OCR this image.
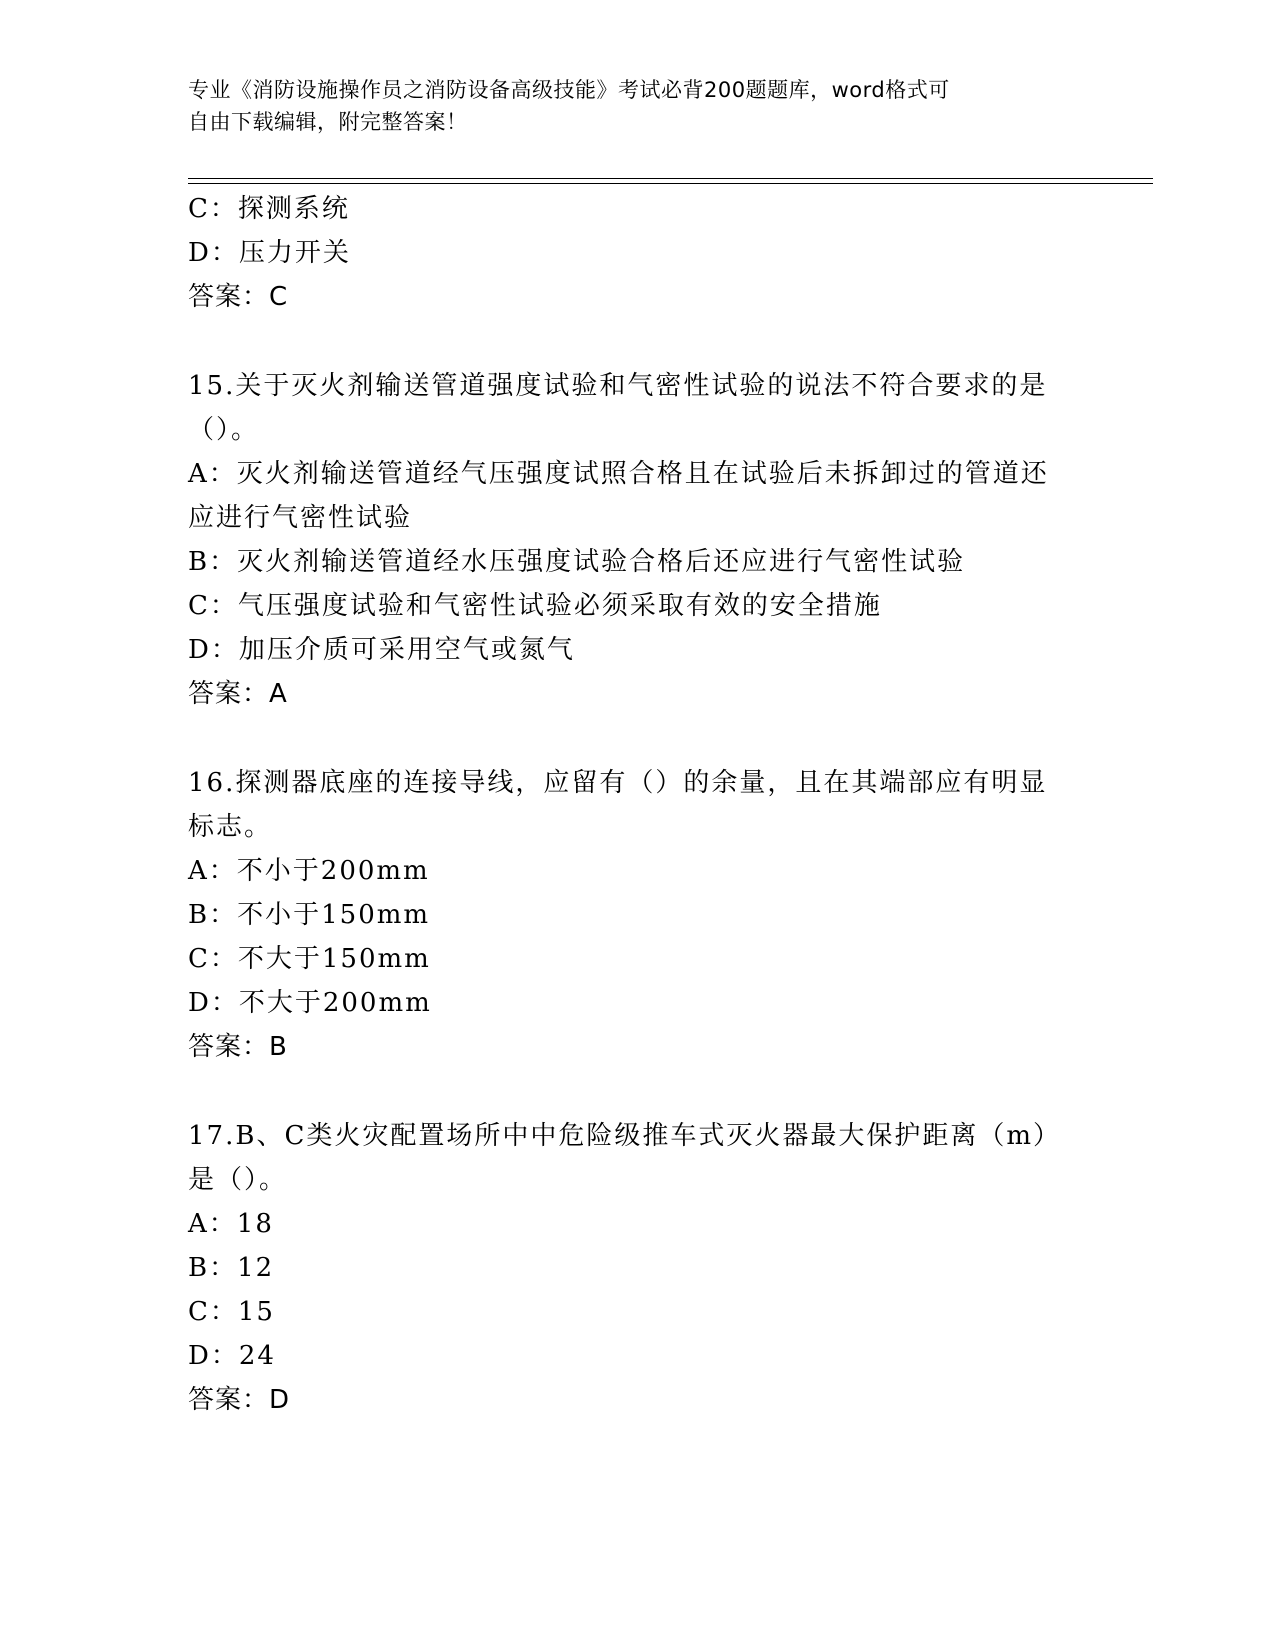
专业《消防设施操作员之消防设备高级技能》考试必背200题题库，word格式可
自由下载编辑，附完整答案！
C：探测系统
D：压力开关
答案：C
15.关于灭火剂输送管道强度试验和气密性试验的说法不符合要求的是
（）。
A：灭火剂输送管道经气压强度试照合格且在试验后未拆卸过的管道还
应进行气密性试验
B：灭火剂输送管道经水压强度试验合格后还应进行气密性试验
C：气压强度试验和气密性试验必须采取有效的安全措施
D：加压介质可采用空气或氮气
答案：A
16.探测器底座的连接导线，应留有（）的余量，且在其端部应有明显
标志。
A：不小于200mm
B：不小于150mm
C：不大于150mm
D：不大于200mm
答案：B
17.B、C类火灾配置场所中中危险级推车式灭火器最大保护距离（m）
是（）。
A：18
B：12
C：15
D：24
答案：D
